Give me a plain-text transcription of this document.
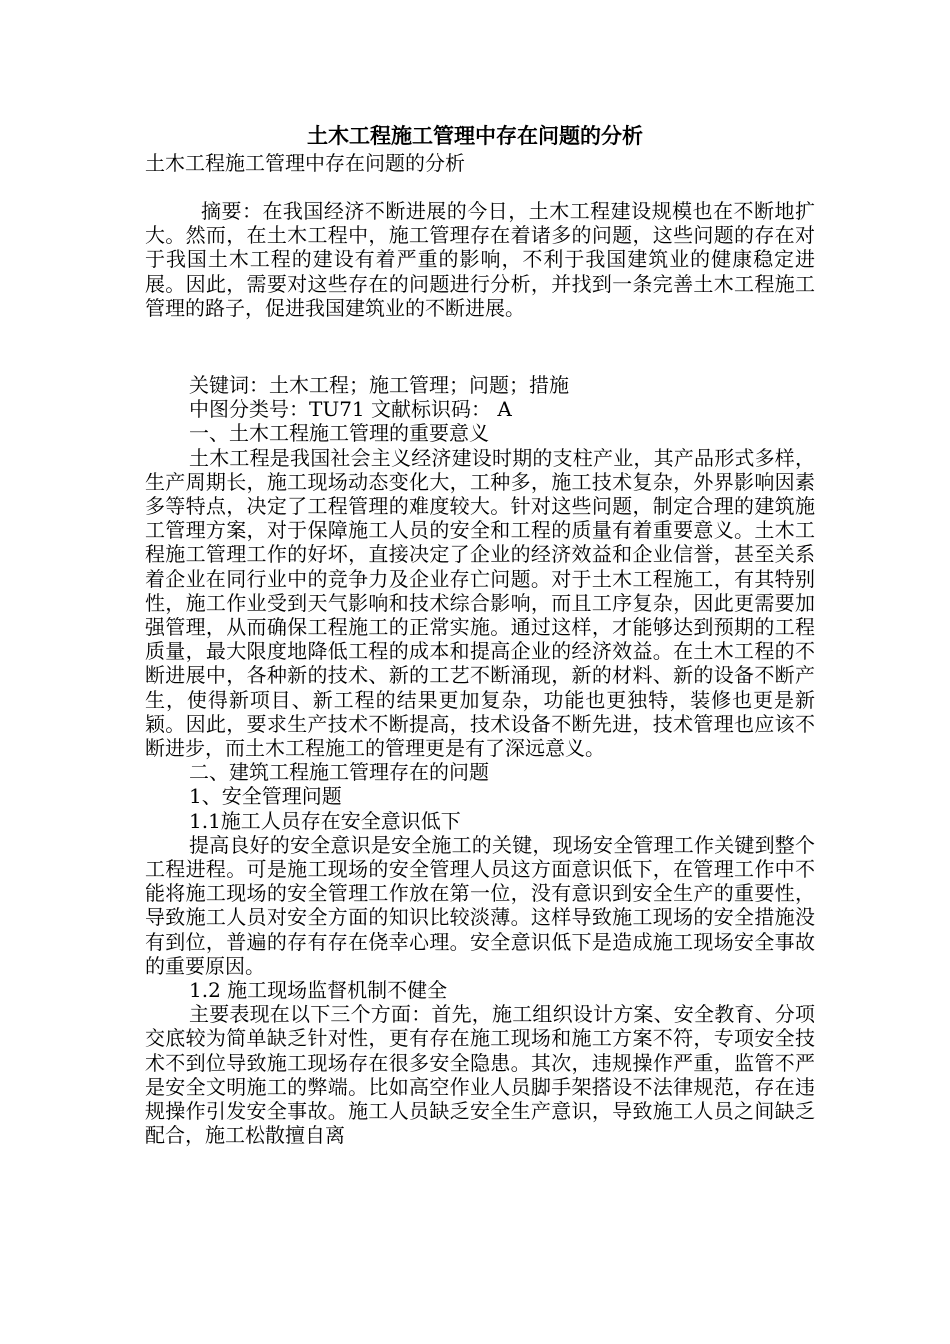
土木工程施工管理中存在问题的分析
土木工程施工管理中存在问题的分析
摘要：在我国经济不断进展的今日，土木工程建设规模也在不断地扩大。然而，在土木工程中，施工管理存在着诸多的问题，这些问题的存在对于我国土木工程的建设有着严重的影响，不利于我国建筑业的健康稳定进展。因此，需要对这些存在的问题进行分析，并找到一条完善土木工程施工管理的路子，促进我国建筑业的不断进展。

关键词：土木工程；施工管理；问题；措施

中图分类号：TU71 文献标识码： A

一、土木工程施工管理的重要意义

土木工程是我国社会主义经济建设时期的支柱产业，其产品形式多样，生产周期长，施工现场动态变化大，工种多，施工技术复杂，外界影响因素多等特点，决定了工程管理的难度较大。针对这些问题，制定合理的建筑施工管理方案，对于保障施工人员的安全和工程的质量有着重要意义。土木工程施工管理工作的好坏，直接决定了企业的经济效益和企业信誉，甚至关系着企业在同行业中的竞争力及企业存亡问题。对于土木工程施工，有其特别性，施工作业受到天气影响和技术综合影响，而且工序复杂，因此更需要加强管理，从而确保工程施工的正常实施。通过这样，才能够达到预期的工程质量，最大限度地降低工程的成本和提高企业的经济效益。在土木工程的不断进展中，各种新的技术、新的工艺不断涌现，新的材料、新的设备不断产生，使得新项目、新工程的结果更加复杂，功能也更独特，装修也更是新颖。因此，要求生产技术不断提高，技术设备不断先进，技术管理也应该不断进步，而土木工程施工的管理更是有了深远意义。

二、建筑工程施工管理存在的问题

1、安全管理问题

1.1施工人员存在安全意识低下

提高良好的安全意识是安全施工的关键，现场安全管理工作关键到整个工程进程。可是施工现场的安全管理人员这方面意识低下，在管理工作中不能将施工现场的安全管理工作放在第一位，没有意识到安全生产的重要性，导致施工人员对安全方面的知识比较淡薄。这样导致施工现场的安全措施没有到位，普遍的存有存在侥幸心理。安全意识低下是造成施工现场安全事故的重要原因。

1.2 施工现场监督机制不健全

主要表现在以下三个方面：首先，施工组织设计方案、安全教育、分项交底较为简单缺乏针对性，更有存在施工现场和施工方案不符，专项安全技术不到位导致施工现场存在很多安全隐患。其次，违规操作严重，监管不严是安全文明施工的弊端。比如高空作业人员脚手架搭设不法律规范，存在违规操作引发安全事故。施工人员缺乏安全生产意识，导致施工人员之间缺乏配合，施工松散擅自离
